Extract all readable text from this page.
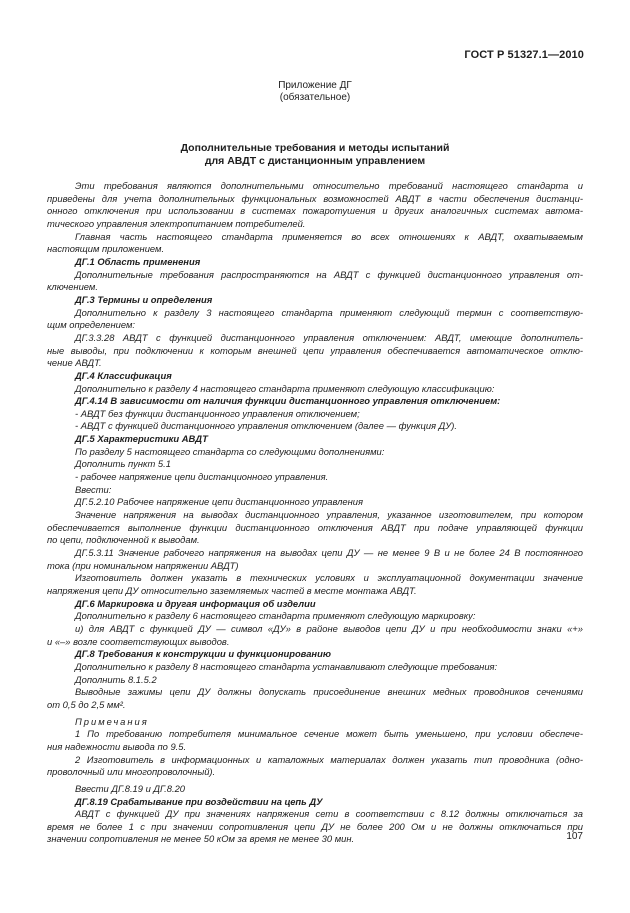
ГОСТ Р 51327.1—2010
Приложение ДГ
(обязательное)
Дополнительные требования и методы испытаний
для АВДТ с дистанционным управлением
Эти требования являются дополнительными относительно требований настоящего стандарта и
приведены для учета дополнительных функциональных возможностей АВДТ в части обеспечения дистанци-
онного отключения при использовании в системах пожаротушения и других аналогичных системах автома-
тического управления электропитанием потребителей.
Главная часть настоящего стандарта применяется во всех отношениях к АВДТ, охватываемым
настоящим приложением.
ДГ.1 Область применения
Дополнительные требования распространяются на АВДТ с функцией дистанционного управления от-
ключением.
ДГ.3 Термины и определения
Дополнительно к разделу 3 настоящего стандарта применяют следующий термин с соответствую-
щим определением:
ДГ.3.3.28 АВДТ с функцией дистанционного управления отключением: АВДТ, имеющие дополнитель-
ные выводы, при подключении к которым внешней цепи управления обеспечивается автоматическое отклю-
чение АВДТ.
ДГ.4 Классификация
Дополнительно к разделу 4 настоящего стандарта применяют следующую классификацию:
ДГ.4.14 В зависимости от наличия функции дистанционного управления отключением:
- АВДТ без функции дистанционного управления отключением;
- АВДТ с функцией дистанционного управления отключением (далее — функция ДУ).
ДГ.5 Характеристики АВДТ
По разделу 5 настоящего стандарта со следующими дополнениями:
Дополнить пункт 5.1
- рабочее напряжение цепи дистанционного управления.
Ввести:
ДГ.5.2.10 Рабочее напряжение цепи дистанционного управления
Значение напряжения на выводах дистанционного управления, указанное изготовителем, при котором
обеспечивается выполнение функции дистанционного отключения АВДТ при подаче управляющей функции
по цепи, подключенной к выводам.
ДГ.5.3.11 Значение рабочего напряжения на выводах цепи ДУ — не менее 9 В и не более 24 В постоянного
тока (при номинальном напряжении АВДТ)
Изготовитель должен указать в технических условиях и эксплуатационной документации значение
напряжения цепи ДУ относительно заземляемых частей в месте монтажа АВДТ.
ДГ.6 Маркировка и другая информация об изделии
Дополнительно к разделу 6 настоящего стандарта применяют следующую маркировку:
и) для АВДТ с функцией ДУ — символ «ДУ» в районе выводов цепи ДУ и при необходимости знаки «+»
и «–» возле соответствующих выводов.
ДГ.8 Требования к конструкции и функционированию
Дополнительно к разделу 8 настоящего стандарта устанавливают следующие требования:
Дополнить 8.1.5.2
Выводные зажимы цепи ДУ должны допускать присоединение внешних медных проводников сечениями
от 0,5 до 2,5 мм².
Примечания
1 По требованию потребителя минимальное сечение может быть уменьшено, при условии обеспече-
ния надежности вывода по 9.5.
2 Изготовитель в информационных и каталожных материалах должен указать тип проводника (одно-
проволочный или многопроволочный).
Ввести ДГ.8.19 и ДГ.8.20
ДГ.8.19 Срабатывание при воздействии на цепь ДУ
АВДТ с функцией ДУ при значениях напряжения сети в соответствии с 8.12 должны отключаться за
время не более 1 с при значении сопротивления цепи ДУ не более 200 Ом и не должны отключаться при
значении сопротивления не менее 50 кОм за время не менее 30 мин.	107
